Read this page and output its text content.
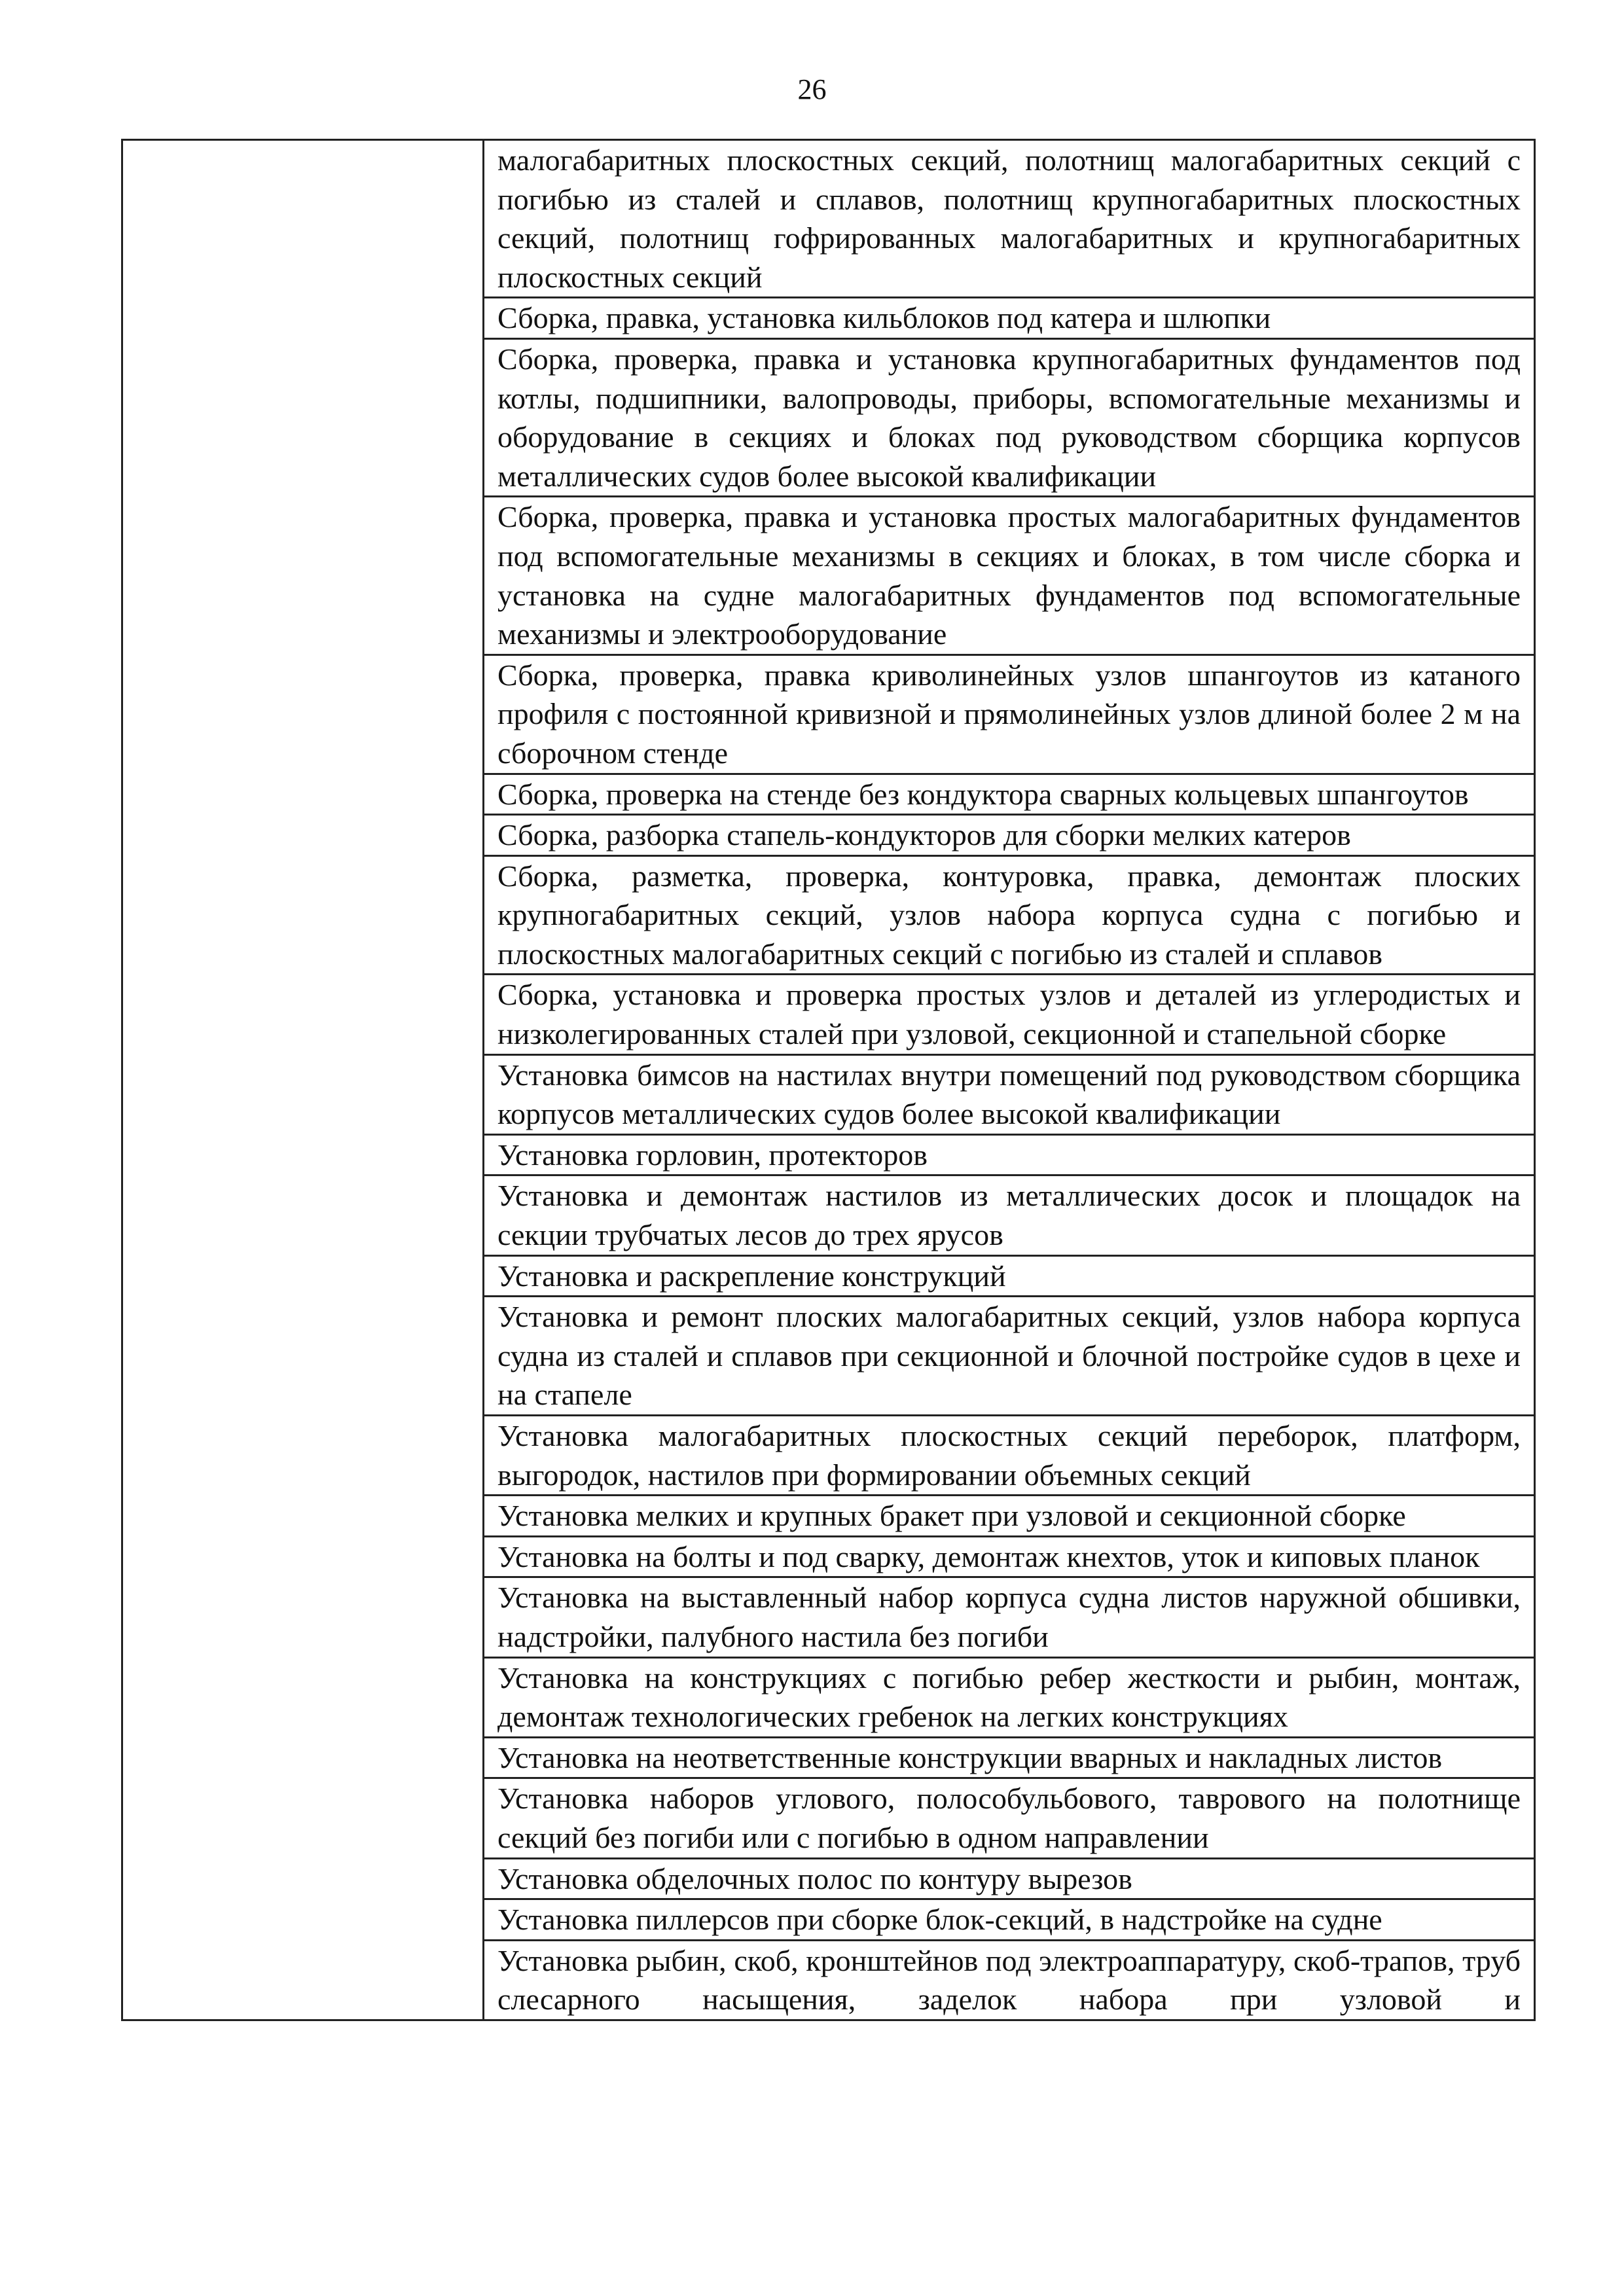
26

малогабаритных плоскостных секций, полотнищ малогабаритных секций с погибью из сталей и сплавов, полотнищ крупногабаритных плоскостных секций, полотнищ гофрированных малогабаритных и крупногабаритных плоскостных секций

Сборка, правка, установка кильблоков под катера и шлюпки

Сборка, проверка, правка и установка крупногабаритных фундаментов под котлы, подшипники, валопроводы, приборы, вспомогательные механизмы и оборудование в секциях и блоках под руководством сборщика корпусов металлических судов более высокой квалификации

Сборка, проверка, правка и установка простых малогабаритных фундаментов под вспомогательные механизмы в секциях и блоках, в том числе сборка и установка на судне малогабаритных фундаментов под вспомогательные механизмы и электрооборудование

Сборка, проверка, правка криволинейных узлов шпангоутов из катаного профиля с постоянной кривизной и прямолинейных узлов длиной более 2 м на сборочном стенде

Сборка, проверка на стенде без кондуктора сварных кольцевых шпангоутов

Сборка, разборка стапель-кондукторов для сборки мелких катеров

Сборка, разметка, проверка, контуровка, правка, демонтаж плоских крупногабаритных секций, узлов набора корпуса судна с погибью и плоскостных малогабаритных секций с погибью из сталей и сплавов

Сборка, установка и проверка простых узлов и деталей из углеродистых и низколегированных сталей при узловой, секционной и стапельной сборке

Установка бимсов на настилах внутри помещений под руководством сборщика корпусов металлических судов более высокой квалификации

Установка горловин, протекторов

Установка и демонтаж настилов из металлических досок и площадок на секции трубчатых лесов до трех ярусов

Установка и раскрепление конструкций

Установка и ремонт плоских малогабаритных секций, узлов набора корпуса судна из сталей и сплавов при секционной и блочной постройке судов в цехе и на стапеле

Установка малогабаритных плоскостных секций переборок, платформ, выгородок, настилов при формировании объемных секций

Установка мелких и крупных бракет при узловой и секционной сборке

Установка на болты и под сварку, демонтаж кнехтов, уток и киповых планок

Установка на выставленный набор корпуса судна листов наружной обшивки, надстройки, палубного настила без погиби

Установка на конструкциях с погибью ребер жесткости и рыбин, монтаж, демонтаж технологических гребенок на легких конструкциях

Установка на неответственные конструкции вварных и накладных листов

Установка наборов углового, полособульбового, таврового на полотнище секций без погиби или с погибью в одном направлении

Установка обделочных полос по контуру вырезов

Установка пиллерсов при сборке блок-секций, в надстройке на судне

Установка рыбин, скоб, кронштейнов под электроаппаратуру, скоб-трапов, труб слесарного насыщения, заделок набора при узловой и
